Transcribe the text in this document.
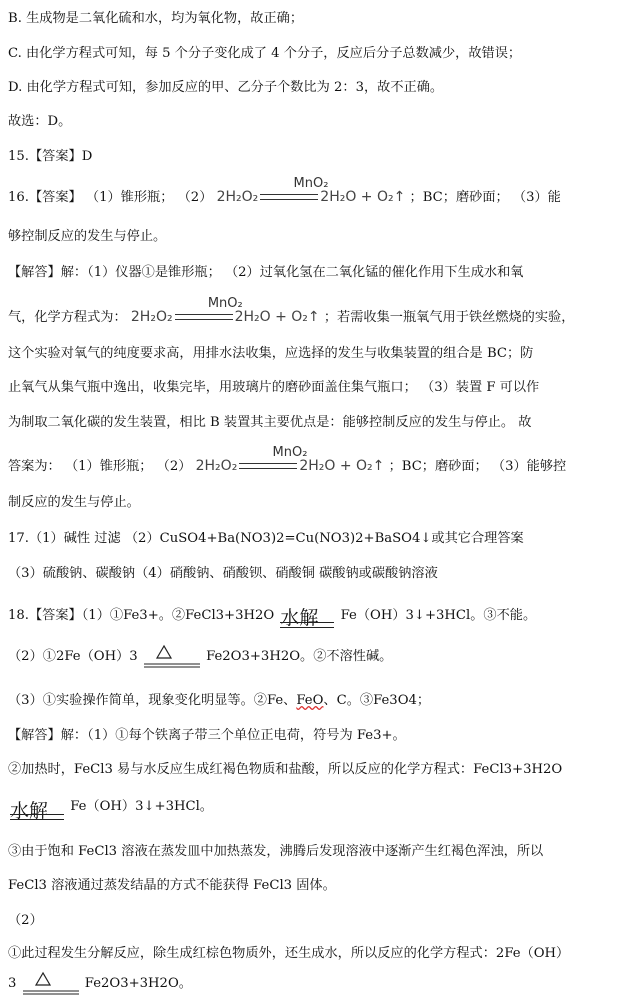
B. 生成物是二氧化硫和水，均为氧化物，故正确；
C. 由化学方程式可知，每 5 个分子变化成了 4 个分子，反应后分子总数减少，故错误；
D. 由化学方程式可知，参加反应的甲、乙分子个数比为 2：3，故不正确。
故选：D。
15.【答案】D
16.【答案】 （1）锥形瓶； （2） 2H₂O₂
MnO₂
2H₂O + O₂↑ ；BC；磨砂面； （3）能
够控制反应的发生与停止。
【解答】解：（1）仪器①是锥形瓶； （2）过氧化氢在二氧化锰的催化作用下生成水和氧
气，化学方程式为： 2H₂O₂
MnO₂
2H₂O + O₂↑ ；若需收集一瓶氧气用于铁丝燃烧的实验，
这个实验对氧气的纯度要求高，用排水法收集，应选择的发生与收集装置的组合是 BC；防
止氧气从集气瓶中逸出，收集完毕，用玻璃片的磨砂面盖住集气瓶口； （3）装置 F 可以作
为制取二氧化碳的发生装置，相比 B 装置其主要优点是：能够控制反应的发生与停止。 故
答案为： （1）锥形瓶； （2） 2H₂O₂
MnO₂
2H₂O + O₂↑ ；BC；磨砂面； （3）能够控
制反应的发生与停止。
17.（1）碱性 过滤 （2）CuSO4+Ba(NO3)2=Cu(NO3)2+BaSO4↓或其它合理答案
（3）硫酸钠、碳酸钠（4）硝酸钠、硝酸钡、硝酸铜 碳酸钠或碳酸钠溶液
18.【答案】（1）①Fe3+。②FeCl3+3H2O 水解 Fe（OH）3↓+3HCl。③不能。
（2）①2Fe（OH）3	Fe2O3+3H2O。②不溶性碱。
（3）①实验操作简单，现象变化明显等。②Fe、FeO、C。③Fe3O4；
【解答】解：（1）①每个铁离子带三个单位正电荷，符号为 Fe3+。
②加热时，FeCl3 易与水反应生成红褐色物质和盐酸，所以反应的化学方程式：FeCl3+3H2O
水解 Fe（OH）3↓+3HCl。
③由于饱和 FeCl3 溶液在蒸发皿中加热蒸发，沸腾后发现溶液中逐渐产生红褐色浑浊，所以
FeCl3 溶液通过蒸发结晶的方式不能获得 FeCl3 固体。
（2）
①此过程发生分解反应，除生成红棕色物质外，还生成水，所以反应的化学方程式：2Fe（OH）
3	Fe2O3+3H2O。
